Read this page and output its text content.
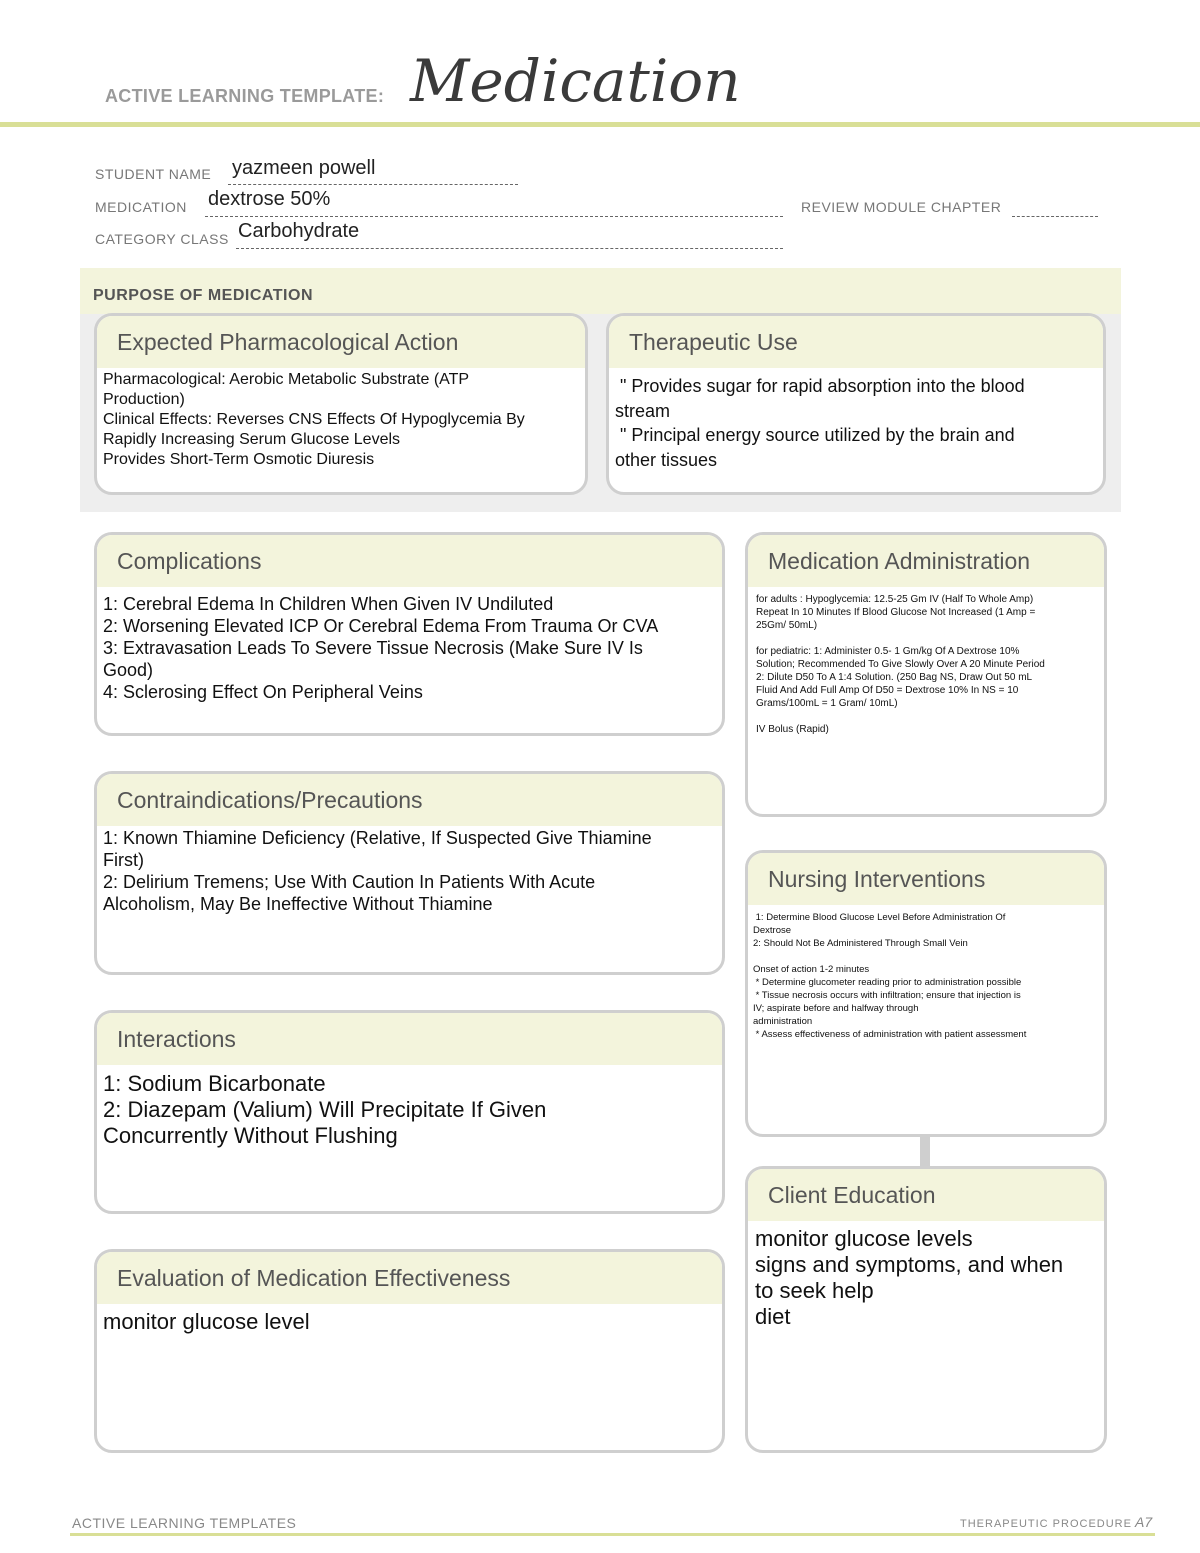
ACTIVE LEARNING TEMPLATE: Medication
STUDENT NAME yazmeen powell
MEDICATION dextrose 50%	REVIEW MODULE CHAPTER
CATEGORY CLASS Carbohydrate
PURPOSE OF MEDICATION
Expected Pharmacological Action
Pharmacological: Aerobic Metabolic Substrate (ATP
Production)
Clinical Effects: Reverses CNS Effects Of Hypoglycemia By
Rapidly Increasing Serum Glucose Levels
Provides Short-Term Osmotic Diuresis
Therapeutic Use
" Provides sugar for rapid absorption into the blood
stream
" Principal energy source utilized by the brain and
other tissues
Complications
1: Cerebral Edema In Children When Given IV Undiluted
2: Worsening Elevated ICP Or Cerebral Edema From Trauma Or CVA
3: Extravasation Leads To Severe Tissue Necrosis (Make Sure IV Is
Good)
4: Sclerosing Effect On Peripheral Veins
Medication Administration
for adults : Hypoglycemia: 12.5-25 Gm IV (Half To Whole Amp)
Repeat In 10 Minutes If Blood Glucose Not Increased (1 Amp =
25Gm/ 50mL)

for pediatric: 1: Administer 0.5- 1 Gm/kg Of A Dextrose 10%
Solution; Recommended To Give Slowly Over A 20 Minute Period
2: Dilute D50 To A 1:4 Solution. (250 Bag NS, Draw Out 50 mL
Fluid And Add Full Amp Of D50 = Dextrose 10% In NS = 10
Grams/100mL = 1 Gram/ 10mL)

IV Bolus (Rapid)
Contraindications/Precautions
1: Known Thiamine Deficiency (Relative, If Suspected Give Thiamine
First)
2: Delirium Tremens; Use With Caution In Patients With Acute
Alcoholism, May Be Ineffective Without Thiamine
Nursing Interventions
1: Determine Blood Glucose Level Before Administration Of
Dextrose
2: Should Not Be Administered Through Small Vein

Onset of action 1-2 minutes
* Determine glucometer reading prior to administration possible
* Tissue necrosis occurs with infiltration; ensure that injection is
IV; aspirate before and halfway through
administration
* Assess effectiveness of administration with patient assessment
Interactions
1: Sodium Bicarbonate
2: Diazepam (Valium) Will Precipitate If Given
Concurrently Without Flushing
Client Education
monitor glucose levels
signs and symptoms, and when
to seek help
diet
Evaluation of Medication Effectiveness
monitor glucose level
ACTIVE LEARNING TEMPLATES	THERAPEUTIC PROCEDURE A7
